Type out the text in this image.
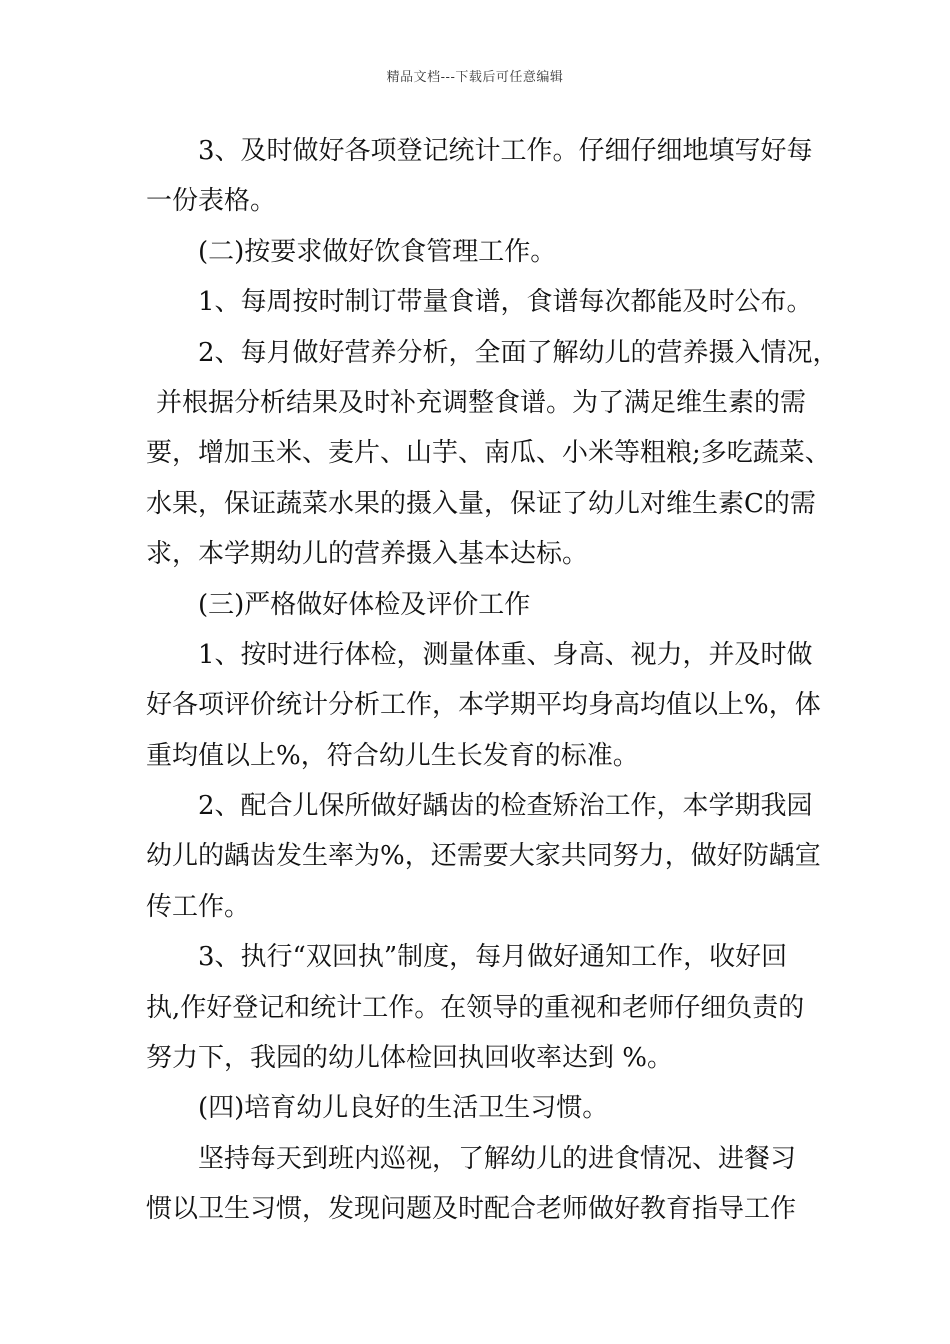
精品文档---下载后可任意编辑
3、及时做好各项登记统计工作。仔细仔细地填写好每
一份表格。
(二)按要求做好饮食管理工作。
1、每周按时制订带量食谱，食谱每次都能及时公布。
2、每月做好营养分析，全面了解幼儿的营养摄入情况，
并根据分析结果及时补充调整食谱。为了满足维生素的需
要，增加玉米、麦片、山芋、南瓜、小米等粗粮;多吃蔬菜、
水果，保证蔬菜水果的摄入量，保证了幼儿对维生素C的需
求，本学期幼儿的营养摄入基本达标。
(三)严格做好体检及评价工作
1、按时进行体检，测量体重、身高、视力，并及时做
好各项评价统计分析工作，本学期平均身高均值以上%，体
重均值以上%，符合幼儿生长发育的标准。
2、配合儿保所做好龋齿的检查矫治工作，本学期我园
幼儿的龋齿发生率为%，还需要大家共同努力，做好防龋宣
传工作。
3、执行“双回执”制度，每月做好通知工作，收好回
执,作好登记和统计工作。在领导的重视和老师仔细负责的
努力下，我园的幼儿体检回执回收率达到 %。
(四)培育幼儿良好的生活卫生习惯。
坚持每天到班内巡视，了解幼儿的进食情况、进餐习
惯以卫生习惯，发现问题及时配合老师做好教育指导工作
